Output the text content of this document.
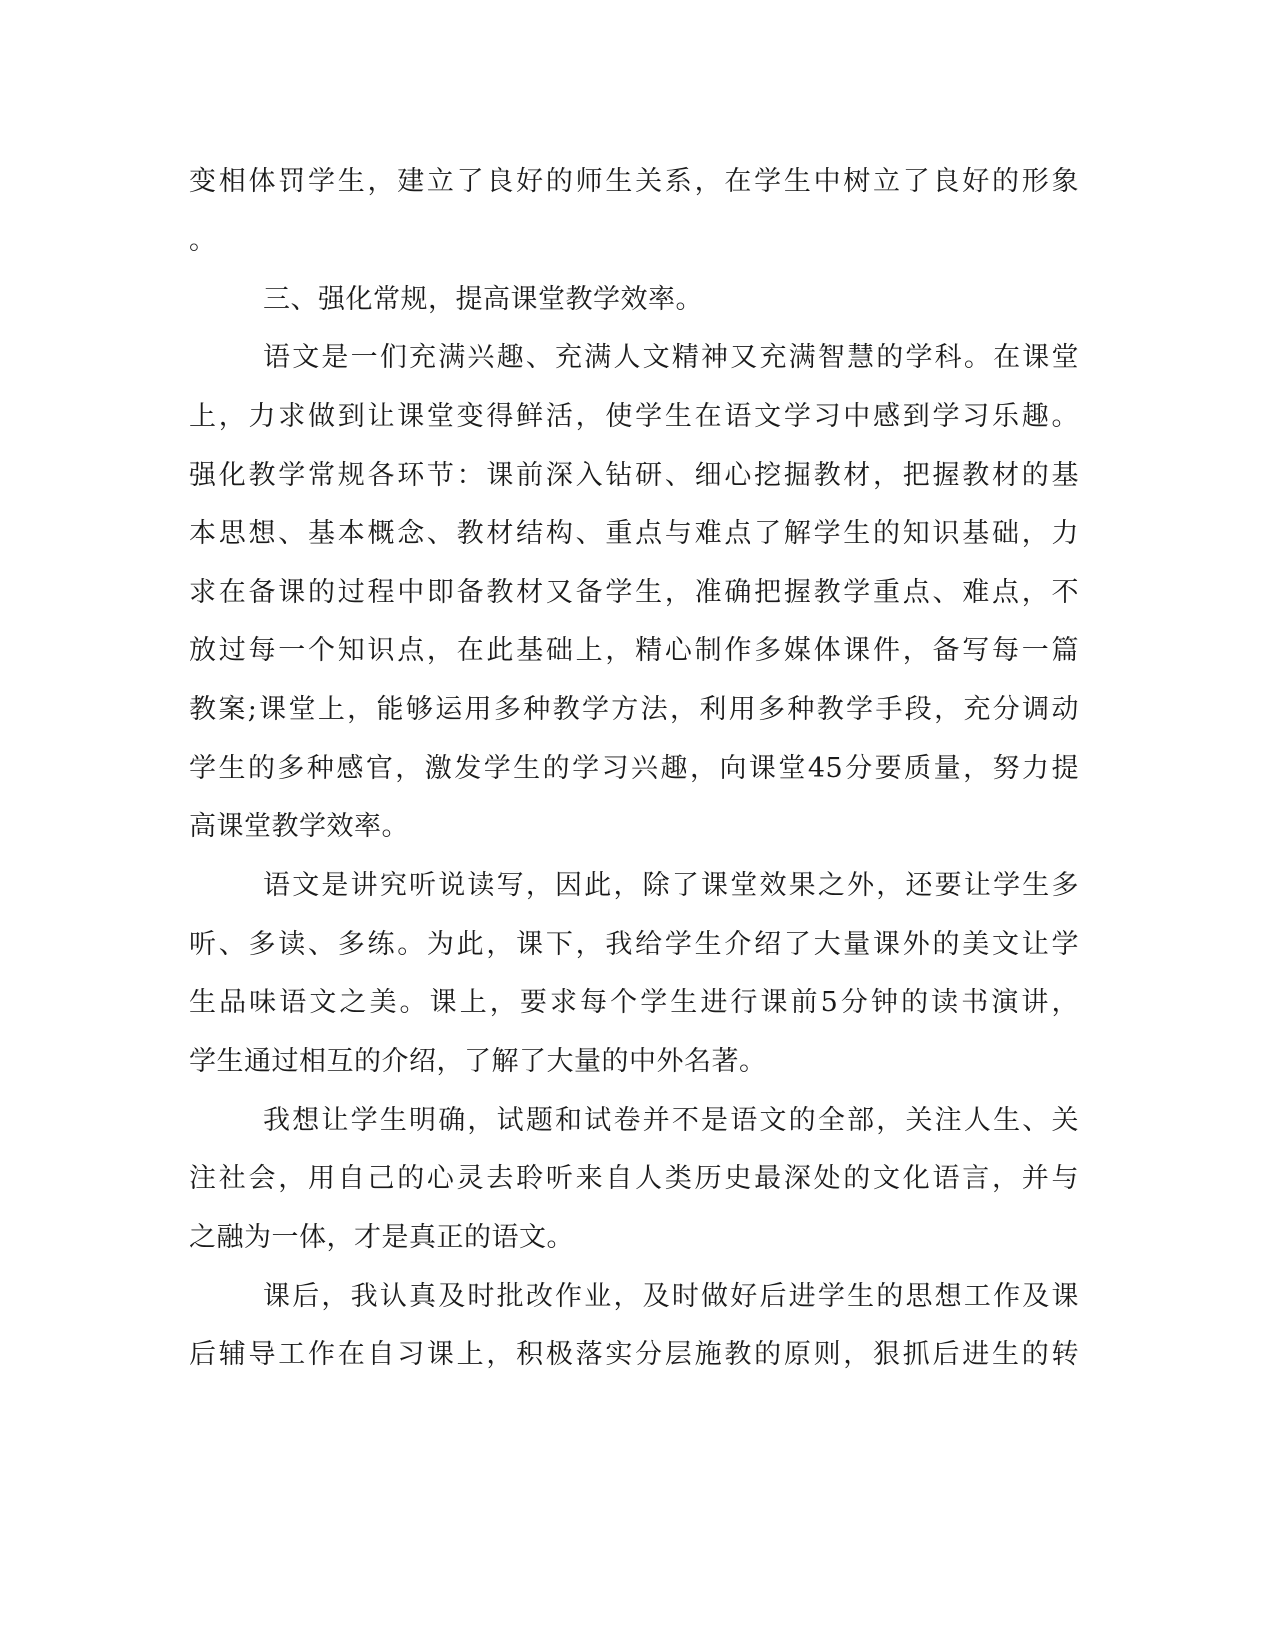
变相体罚学生，建立了良好的师生关系，在学生中树立了良好的形象
。
三、强化常规，提高课堂教学效率。
语文是一们充满兴趣、充满人文精神又充满智慧的学科。在课堂
上，力求做到让课堂变得鲜活，使学生在语文学习中感到学习乐趣。
强化教学常规各环节：课前深入钻研、细心挖掘教材，把握教材的基
本思想、基本概念、教材结构、重点与难点了解学生的知识基础，力
求在备课的过程中即备教材又备学生，准确把握教学重点、难点，不
放过每一个知识点，在此基础上，精心制作多媒体课件，备写每一篇
教案;课堂上，能够运用多种教学方法，利用多种教学手段，充分调动
学生的多种感官，激发学生的学习兴趣，向课堂45分要质量，努力提
高课堂教学效率。
语文是讲究听说读写，因此，除了课堂效果之外，还要让学生多
听、多读、多练。为此，课下，我给学生介绍了大量课外的美文让学
生品味语文之美。课上，要求每个学生进行课前5分钟的读书演讲，
学生通过相互的介绍，了解了大量的中外名著。
我想让学生明确，试题和试卷并不是语文的全部，关注人生、关
注社会，用自己的心灵去聆听来自人类历史最深处的文化语言，并与
之融为一体，才是真正的语文。
课后，我认真及时批改作业，及时做好后进学生的思想工作及课
后辅导工作在自习课上，积极落实分层施教的原则，狠抓后进生的转
